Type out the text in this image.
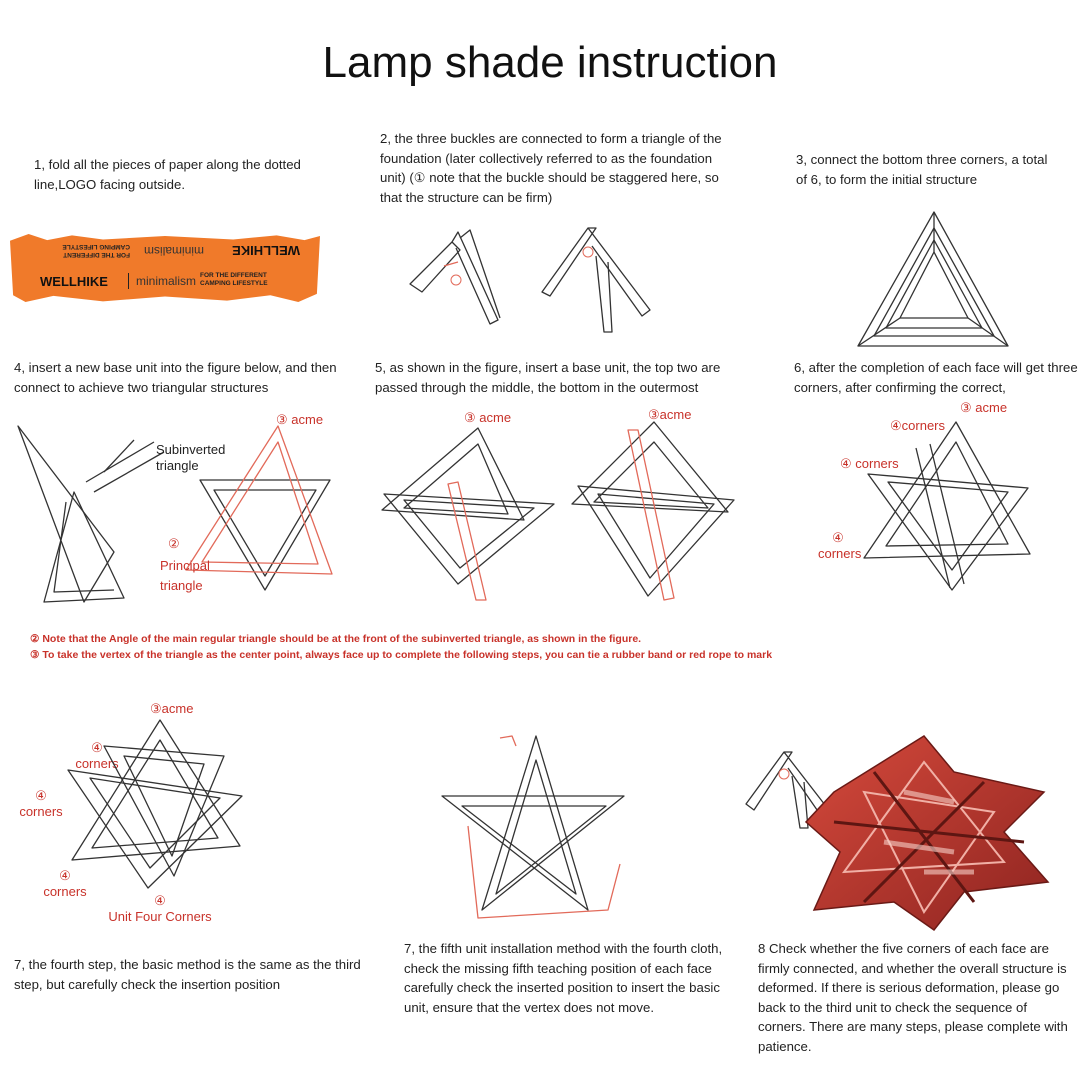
Lamp shade instruction
1, fold all the pieces of paper along the dotted line,LOGO facing outside.
2, the three buckles are connected to form a triangle of the foundation (later collectively referred to as the foundation unit) (① note that the buckle should be staggered here, so that the structure can be firm)
3, connect the bottom three corners, a total of 6, to form the initial structure
WELLHIKE
minimalism
FOR THE DIFFERENT
CAMPING LIFESTYLE
WELLHIKE minimalism FOR THE DIFFERENT
CAMPING LIFESTYLE
4, insert a new base unit into the figure below, and then connect to achieve two triangular structures
5, as shown in the figure, insert a base unit, the top two are passed through the middle, the bottom in the outermost
6, after the completion of each face will get three corners, after confirming the correct,
Subinverted triangle
③ acme
②
Principal triangle
③ acme	③acme	③ acme
④corners
④ corners
④
corners
② Note that the Angle of the main regular triangle should be at the front of the subinverted triangle, as shown in the figure.
③ To take the vertex of the triangle as the center point, always face up to complete the following steps, you can tie a rubber band or red rope to mark
③acme
④
corners
④
corners
④
corners
④
Unit Four Corners
7, the fourth step, the basic method is the same as the third step, but carefully check the insertion position
7, the fifth unit installation method with the fourth cloth, check the missing fifth teaching position of each face carefully check the inserted position to insert the basic unit, ensure that the vertex does not move.
8 Check whether the five corners of each face are firmly connected, and whether the overall structure is deformed. If there is serious deformation, please go back to the third unit to check the sequence of corners. There are many steps, please complete with patience.
